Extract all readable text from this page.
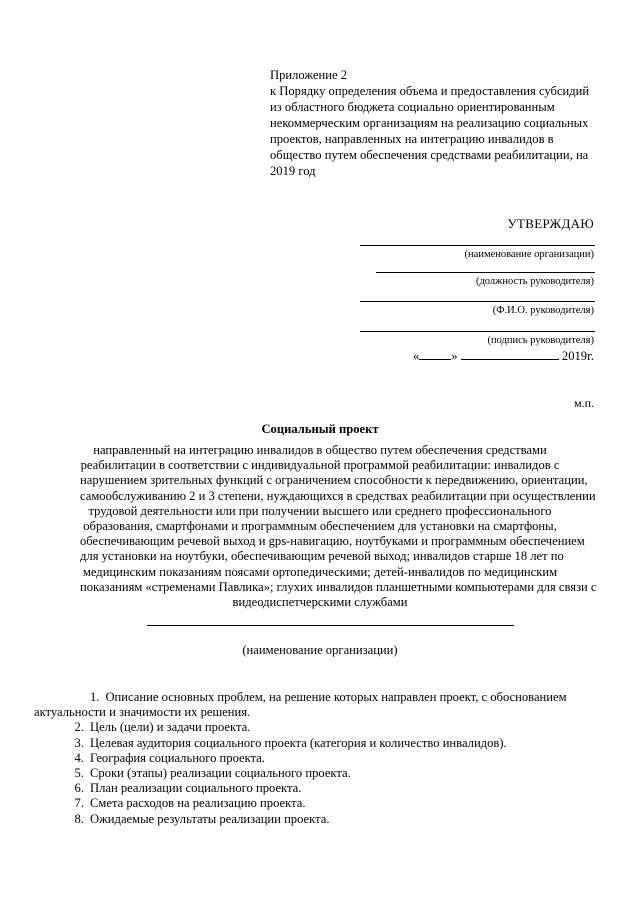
Приложение 2
к Порядку определения объема и предоставления субсидий
из областного бюджета социально ориентированным
некоммерческим организациям на реализацию социальных
проектов, направленных на интеграцию инвалидов в
общество путем обеспечения средствами реабилитации, на
2019 год
УТВЕРЖДАЮ
(наименование организации)
(должность руководителя)
(Ф.И.О. руководителя)
(подпись руководителя)
«	»	2019г.
м.п.
Социальный проект
направленный на интеграцию инвалидов в общество путем обеспечения средствами
реабилитации в соответствии с индивидуальной программой реабилитации: инвалидов с
нарушением зрительных функций с ограничением способности к передвижению, ориентации,
самообслуживанию 2 и 3 степени, нуждающихся в средствах реабилитации при осуществлении
трудовой деятельности или при получении высшего или среднего профессионального
образования, смартфонами и программным обеспечением для установки на смартфоны,
обеспечивающим речевой выход и gps-навигацию, ноутбуками и программным обеспечением
для установки на ноутбуки, обеспечивающим речевой выход; инвалидов старше 18 лет по
медицинским показаниям поясами ортопедическими; детей-инвалидов по медицинским
показаниям «стременами Павлика»; глухих инвалидов планшетными компьютерами для связи с
видеодиспетчерскими службами
(наименование организации)
1. Описание основных проблем, на решение которых направлен проект, с обоснованием
актуальности и значимости их решения.
2. Цель (цели) и задачи проекта.
3. Целевая аудитория социального проекта (категория и количество инвалидов).
4. География социального проекта.
5. Сроки (этапы) реализации социального проекта.
6. План реализации социального проекта.
7. Смета расходов на реализацию проекта.
8. Ожидаемые результаты реализации проекта.
